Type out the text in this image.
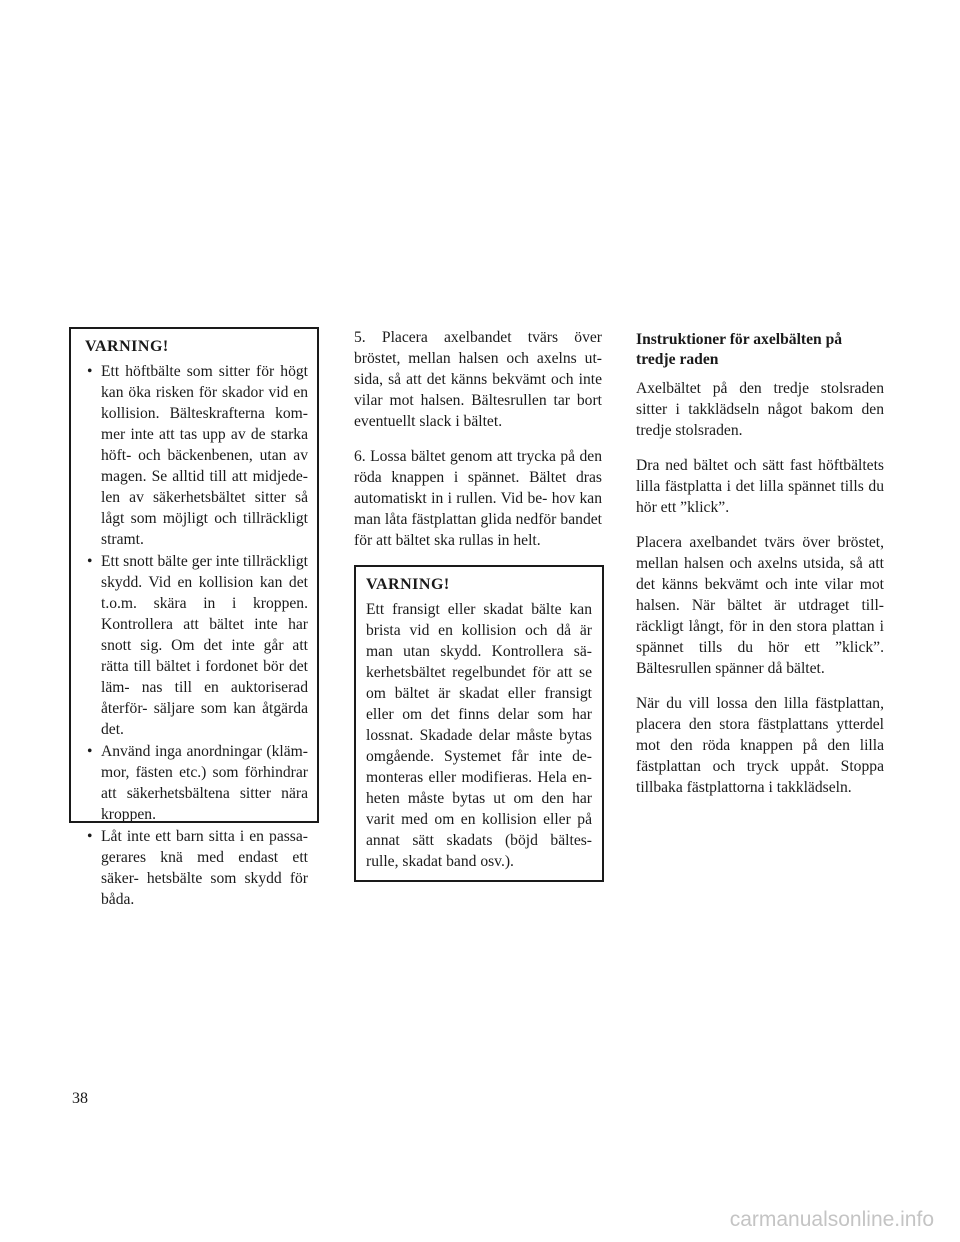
VARNING!
• Ett höftbälte som sitter för högt kan öka risken för skador vid en kollision. Bälteskrafterna kom- mer inte att tas upp av de starka höft- och bäckenbenen, utan av magen. Se alltid till att midjede- len av säkerhetsbältet sitter så lågt som möjligt och tillräckligt stramt.
• Ett snott bälte ger inte tillräckligt skydd. Vid en kollision kan det t.o.m. skära in i kroppen. Kontrollera att bältet inte har snott sig. Om det inte går att rätta till bältet i fordonet bör det läm- nas till en auktoriserad återför- säljare som kan åtgärda det.
• Använd inga anordningar (kläm- mor, fästen etc.) som förhindrar att säkerhetsbältena sitter nära kroppen.
• Låt inte ett barn sitta i en passa- gerares knä med endast ett säker- hetsbälte som skydd för båda.

5. Placera axelbandet tvärs över bröstet, mellan halsen och axelns ut- sida, så att det känns bekvämt och inte vilar mot halsen. Bältesrullen tar bort eventuellt slack i bältet.

6. Lossa bältet genom att trycka på den röda knappen i spännet. Bältet dras automatiskt in i rullen. Vid be- hov kan man låta fästplattan glida nedför bandet för att bältet ska rullas in helt.

VARNING!

Ett fransigt eller skadat bälte kan brista vid en kollision och då är man utan skydd. Kontrollera sä- kerhetsbältet regelbundet för att se om bältet är skadat eller fransigt eller om det finns delar som har lossnat. Skadade delar måste bytas omgående. Systemet får inte de- monteras eller modifieras. Hela en- heten måste bytas ut om den har varit med om en kollision eller på annat sätt skadats (böjd bältes- rulle, skadat band osv.).

Instruktioner för axelbälten på tredje raden

Axelbältet på den tredje stolsraden sitter i takklädseln något bakom den tredje stolsraden.

Dra ned bältet och sätt fast höftbältets lilla fästplatta i det lilla spännet tills du hör ett ”klick”.

Placera axelbandet tvärs över bröstet, mellan halsen och axelns utsida, så att det känns bekvämt och inte vilar mot halsen. När bältet är utdraget till- räckligt långt, för in den stora plattan i spännet tills du hör ett ”klick”. Bältesrullen spänner då bältet.

När du vill lossa den lilla fästplattan, placera den stora fästplattans ytterdel mot den röda knappen på den lilla fästplattan och tryck uppåt. Stoppa tillbaka fästplattorna i takklädseln.

38
carmanualsonline.info
